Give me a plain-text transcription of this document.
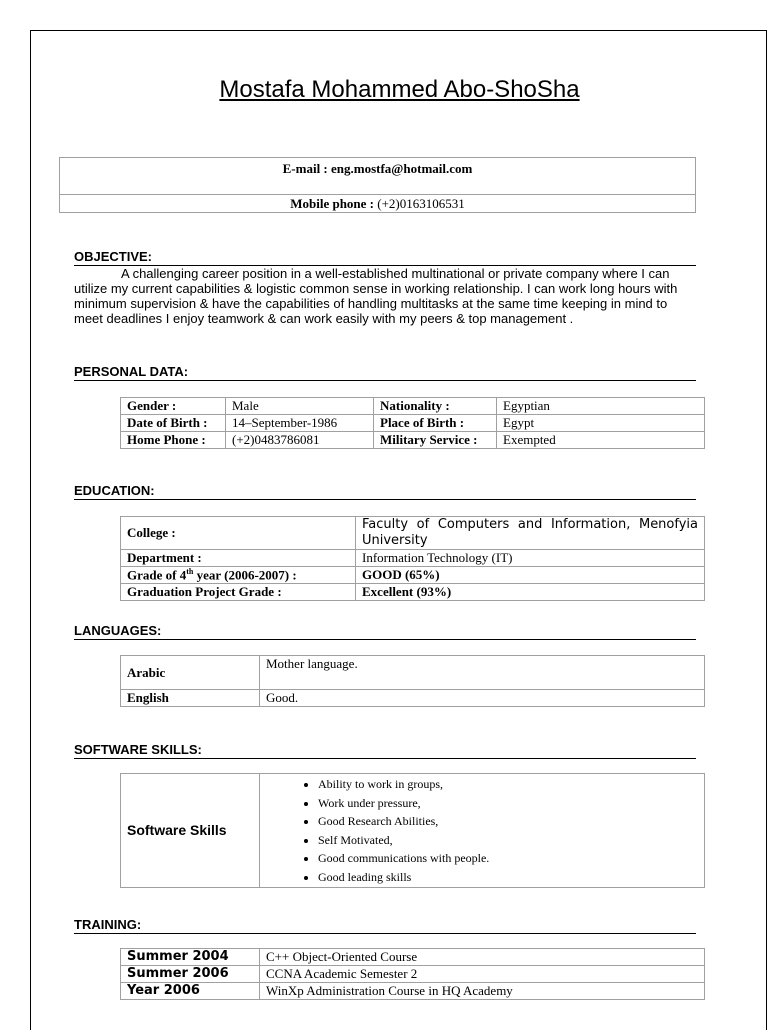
Mostafa Mohammed Abo-ShoSha
E-mail : eng.mostfa@hotmail.com
Mobile phone : (+2)0163106531
OBJECTIVE:
A challenging career position in a well-established multinational or private company where I can utilize my current capabilities & logistic common sense in working relationship. I can work long hours with minimum supervision & have the capabilities of handling multitasks at the same time keeping in mind to meet deadlines I enjoy teamwork & can work easily with my peers & top management .
PERSONAL DATA:
Gender :	Male	Nationality :	Egyptian
Date of Birth :	14–September-1986	Place of Birth :	Egypt
Home Phone :	(+2)0483786081	Military Service :	Exempted
EDUCATION:
College :	Faculty of Computers and Information, Menofyia University
Department :	Information Technology (IT)
Grade of 4th year (2006-2007) :	GOOD (65%)
Graduation Project Grade :	Excellent (93%)
LANGUAGES:
Arabic	Mother language.
English	Good.
SOFTWARE SKILLS:
Software Skills	
• Ability to work in groups,
• Work under pressure,
• Good Research Abilities,
• Self Motivated,
• Good communications with people.
• Good leading skills
TRAINING:
Summer 2004	C++ Object-Oriented Course
Summer 2006	CCNA Academic Semester 2
Year 2006	WinXp Administration Course in HQ Academy
